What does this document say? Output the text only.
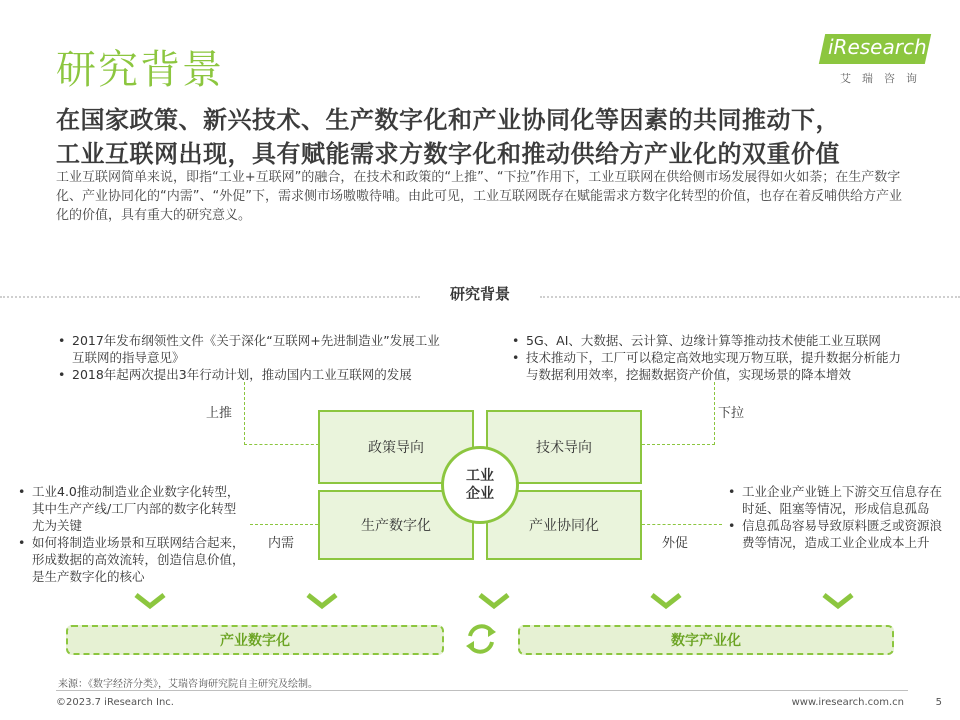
研究背景	iResearch
艾瑞咨询
在国家政策、新兴技术、生产数字化和产业协同化等因素的共同推动下，
工业互联网出现，具有赋能需求方数字化和推动供给方产业化的双重价值
工业互联网简单来说，即指“工业+互联网”的融合，在技术和政策的“上推”、“下拉”作用下，工业互联网在供给侧市场发展得如火如荼；在生产数字化、产业协同化的“内需”、“外促”下，需求侧市场嗷嗷待哺。由此可见，工业互联网既存在赋能需求方数字化转型的价值，也存在着反哺供给方产业化的价值，具有重大的研究意义。
研究背景
• 2017年发布纲领性文件《关于深化“互联网+先进制造业”发展工业互联网的指导意见》
• 2018年起两次提出3年行动计划，推动国内工业互联网的发展
• 5G、AI、大数据、云计算、边缘计算等推动技术使能工业互联网
• 技术推动下，工厂可以稳定高效地实现万物互联，提升数据分析能力与数据利用效率，挖掘数据资产价值，实现场景的降本增效
上推	下拉
政策导向	技术导向
生产数字化	产业协同化
工业
企业
• 工业4.0推动制造业企业数字化转型，其中生产产线/工厂内部的数字化转型尤为关键
• 如何将制造业场景和互联网结合起来，形成数据的高效流转，创造信息价值，是生产数字化的核心
• 工业企业产业链上下游交互信息存在时延、阻塞等情况，形成信息孤岛
• 信息孤岛容易导致原料匮乏或资源浪费等情况，造成工业企业成本上升
内需	外促
产业数字化	数字产业化
来源：《数字经济分类》，艾瑞咨询研究院自主研究及绘制。
©2023.7 iResearch Inc.	www.iresearch.com.cn	5
